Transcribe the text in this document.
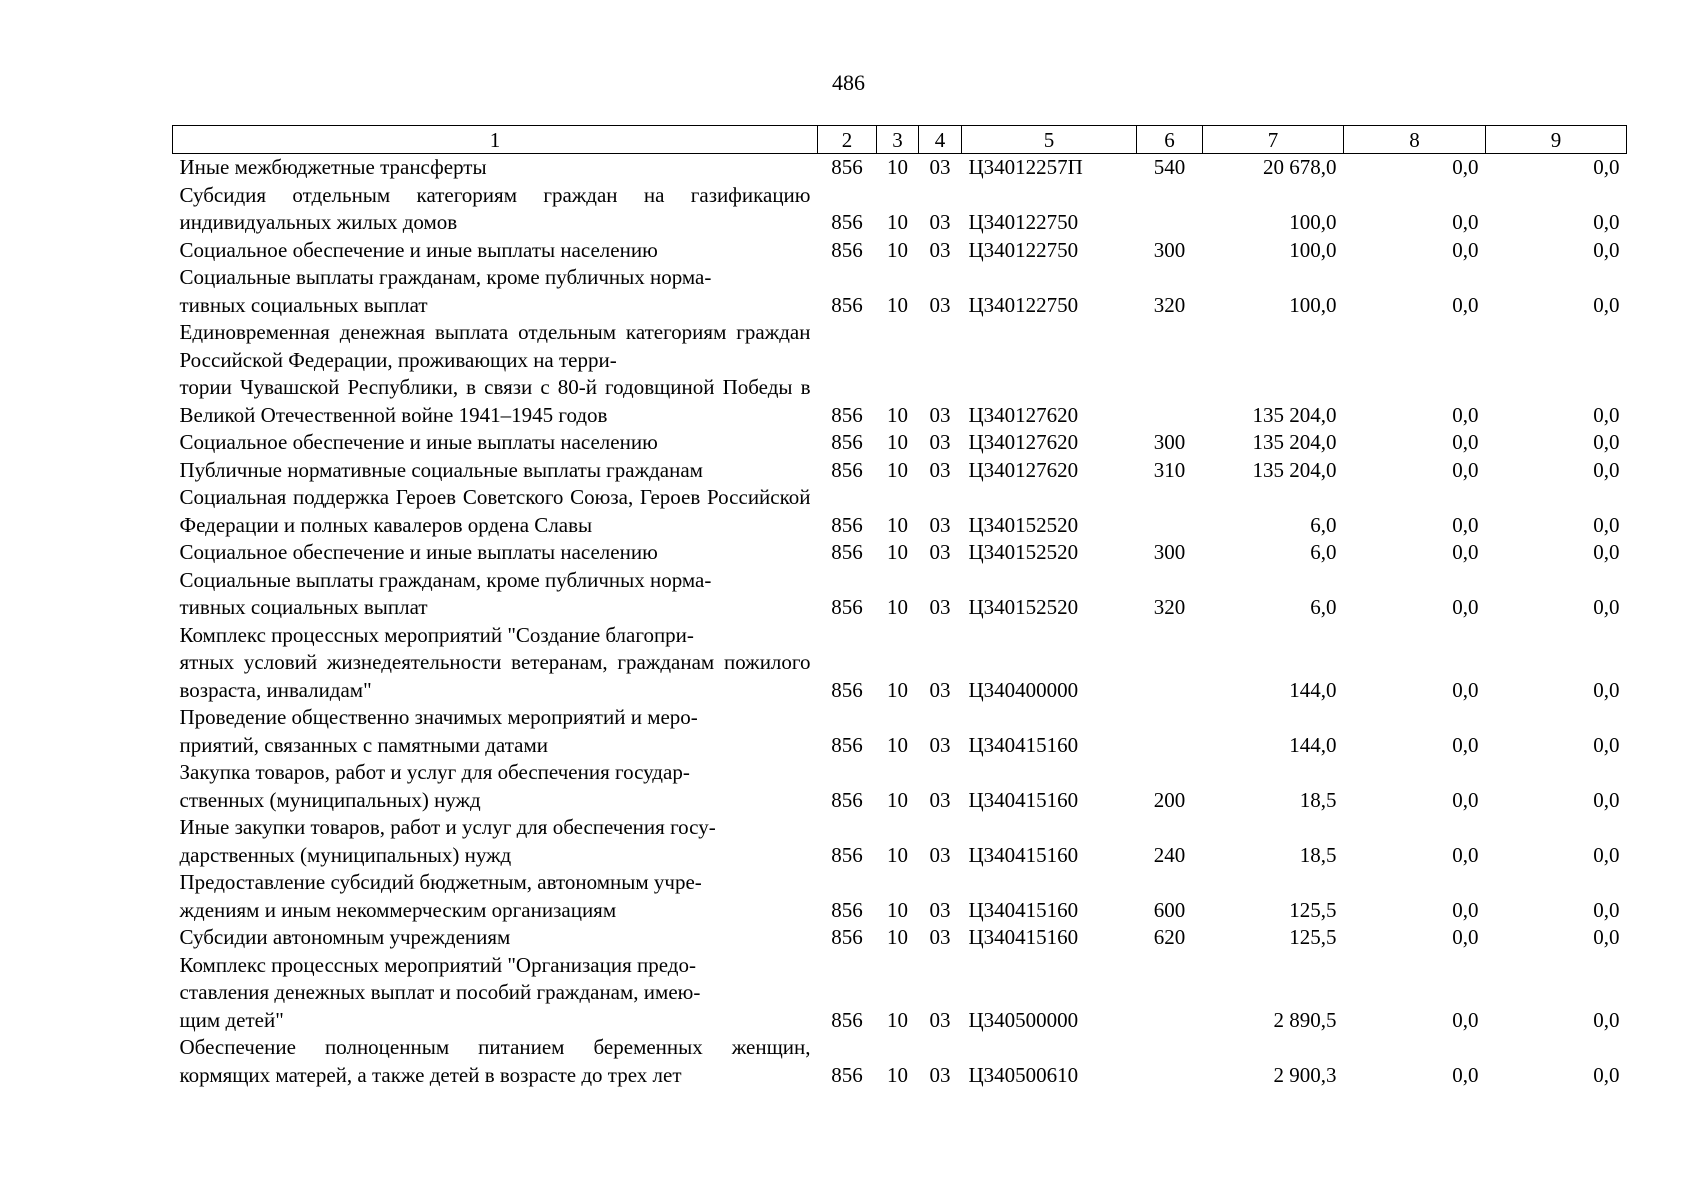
486
1	2	3	4	5	6	7	8	9
Иные межбюджетные трансферты	856	10	03	Ц34012257П	540	20 678,0	0,0	0,0
Субсидия отдельным категориям граждан на газификацию индивидуальных жилых домов	856	10	03	Ц340122750		100,0	0,0	0,0
Социальное обеспечение и иные выплаты населению	856	10	03	Ц340122750	300	100,0	0,0	0,0
Социальные выплаты гражданам, кроме публичных норма-
тивных социальных выплат	856	10	03	Ц340122750	320	100,0	0,0	0,0
Единовременная денежная выплата отдельным категориям граждан Российской Федерации, проживающих на терри-
тории Чувашской Республики, в связи с 80-й годовщиной Победы в Великой Отечественной войне 1941–1945 годов	856	10	03	Ц340127620		135 204,0	0,0	0,0
Социальное обеспечение и иные выплаты населению	856	10	03	Ц340127620	300	135 204,0	0,0	0,0
Публичные нормативные социальные выплаты гражданам	856	10	03	Ц340127620	310	135 204,0	0,0	0,0
Социальная поддержка Героев Советского Союза, Героев Российской Федерации и полных кавалеров ордена Славы	856	10	03	Ц340152520		6,0	0,0	0,0
Социальное обеспечение и иные выплаты населению	856	10	03	Ц340152520	300	6,0	0,0	0,0
Социальные выплаты гражданам, кроме публичных норма-
тивных социальных выплат	856	10	03	Ц340152520	320	6,0	0,0	0,0
Комплекс процессных мероприятий "Создание благопри-
ятных условий жизнедеятельности ветеранам, гражданам пожилого возраста, инвалидам"	856	10	03	Ц340400000		144,0	0,0	0,0
Проведение общественно значимых мероприятий и меро-
приятий, связанных с памятными датами	856	10	03	Ц340415160		144,0	0,0	0,0
Закупка товаров, работ и услуг для обеспечения государ-
ственных (муниципальных) нужд	856	10	03	Ц340415160	200	18,5	0,0	0,0
Иные закупки товаров, работ и услуг для обеспечения госу-
дарственных (муниципальных) нужд	856	10	03	Ц340415160	240	18,5	0,0	0,0
Предоставление субсидий бюджетным, автономным учре-
ждениям и иным некоммерческим организациям	856	10	03	Ц340415160	600	125,5	0,0	0,0
Субсидии автономным учреждениям	856	10	03	Ц340415160	620	125,5	0,0	0,0
Комплекс процессных мероприятий "Организация предо-
ставления денежных выплат и пособий гражданам, имею-
щим детей"	856	10	03	Ц340500000		2 890,5	0,0	0,0
Обеспечение полноценным питанием беременных женщин, кормящих матерей, а также детей в возрасте до трех лет	856	10	03	Ц340500610		2 900,3	0,0	0,0
